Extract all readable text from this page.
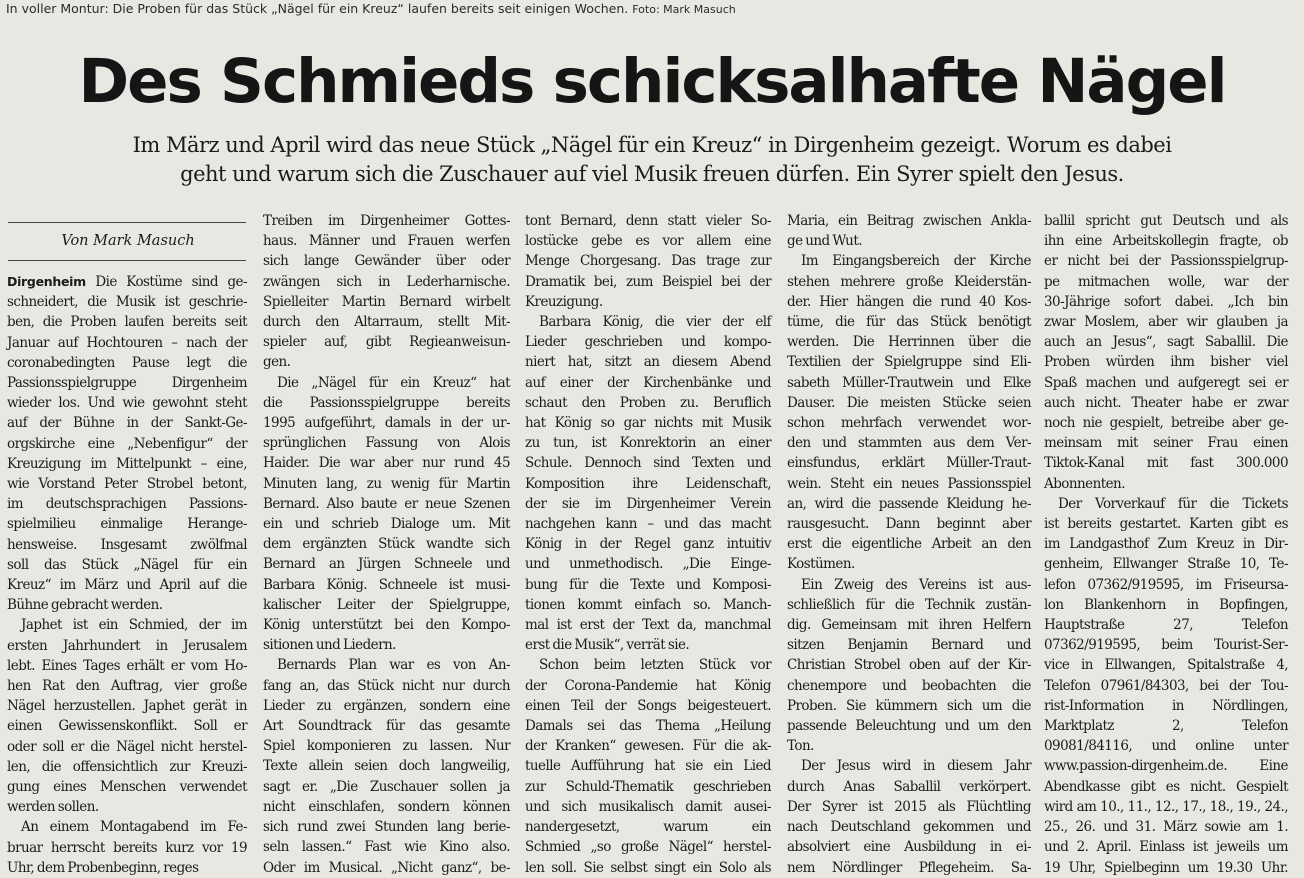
In voller Montur: Die Proben für das Stück „Nägel für ein Kreuz“ laufen bereits seit einigen Wochen. Foto: Mark Masuch
Des Schmieds schicksalhafte Nägel
Im März und April wird das neue Stück „Nägel für ein Kreuz“ in Dirgenheim gezeigt. Worum es dabei
geht und warum sich die Zuschauer auf viel Musik freuen dürfen. Ein Syrer spielt den Jesus.
Von Mark Masuch
Dirgenheim Die Kostüme sind ge-
schneidert, die Musik ist geschrie-
ben, die Proben laufen bereits seit
Januar auf Hochtouren – nach der
coronabedingten Pause legt die
Passionsspielgruppe Dirgenheim
wieder los. Und wie gewohnt steht
auf der Bühne in der Sankt-Ge-
orgskirche eine „Nebenfigur“ der
Kreuzigung im Mittelpunkt – eine,
wie Vorstand Peter Strobel betont,
im deutschsprachigen Passions-
spielmilieu einmalige Herange-
hensweise. Insgesamt zwölfmal
soll das Stück „Nägel für ein
Kreuz“ im März und April auf die
Bühne gebracht werden.
Japhet ist ein Schmied, der im
ersten Jahrhundert in Jerusalem
lebt. Eines Tages erhält er vom Ho-
hen Rat den Auftrag, vier große
Nägel herzustellen. Japhet gerät in
einen Gewissenskonflikt. Soll er
oder soll er die Nägel nicht herstel-
len, die offensichtlich zur Kreuzi-
gung eines Menschen verwendet
werden sollen.
An einem Montagabend im Fe-
bruar herrscht bereits kurz vor 19
Uhr, dem Probenbeginn, reges
Treiben im Dirgenheimer Gottes-
haus. Männer und Frauen werfen
sich lange Gewänder über oder
zwängen sich in Lederharnische.
Spielleiter Martin Bernard wirbelt
durch den Altarraum, stellt Mit-
spieler auf, gibt Regieanweisun-
gen.
Die „Nägel für ein Kreuz“ hat
die Passionsspielgruppe bereits
1995 aufgeführt, damals in der ur-
sprünglichen Fassung von Alois
Haider. Die war aber nur rund 45
Minuten lang, zu wenig für Martin
Bernard. Also baute er neue Szenen
ein und schrieb Dialoge um. Mit
dem ergänzten Stück wandte sich
Bernard an Jürgen Schneele und
Barbara König. Schneele ist musi-
kalischer Leiter der Spielgruppe,
König unterstützt bei den Kompo-
sitionen und Liedern.
Bernards Plan war es von An-
fang an, das Stück nicht nur durch
Lieder zu ergänzen, sondern eine
Art Soundtrack für das gesamte
Spiel komponieren zu lassen. Nur
Texte allein seien doch langweilig,
sagt er. „Die Zuschauer sollen ja
nicht einschlafen, sondern können
sich rund zwei Stunden lang berie-
seln lassen.“ Fast wie Kino also.
Oder im Musical. „Nicht ganz“, be-
tont Bernard, denn statt vieler So-
lostücke gebe es vor allem eine
Menge Chorgesang. Das trage zur
Dramatik bei, zum Beispiel bei der
Kreuzigung.
Barbara König, die vier der elf
Lieder geschrieben und kompo-
niert hat, sitzt an diesem Abend
auf einer der Kirchenbänke und
schaut den Proben zu. Beruflich
hat König so gar nichts mit Musik
zu tun, ist Konrektorin an einer
Schule. Dennoch sind Texten und
Komposition ihre Leidenschaft,
der sie im Dirgenheimer Verein
nachgehen kann – und das macht
König in der Regel ganz intuitiv
und unmethodisch. „Die Einge-
bung für die Texte und Komposi-
tionen kommt einfach so. Manch-
mal ist erst der Text da, manchmal
erst die Musik“, verrät sie.
Schon beim letzten Stück vor
der Corona-Pandemie hat König
einen Teil der Songs beigesteuert.
Damals sei das Thema „Heilung
der Kranken“ gewesen. Für die ak-
tuelle Aufführung hat sie ein Lied
zur Schuld-Thematik geschrieben
und sich musikalisch damit ausei-
nandergesetzt, warum ein
Schmied „so große Nägel“ herstel-
len soll. Sie selbst singt ein Solo als
Maria, ein Beitrag zwischen Ankla-
ge und Wut.
Im Eingangsbereich der Kirche
stehen mehrere große Kleiderstän-
der. Hier hängen die rund 40 Kos-
tüme, die für das Stück benötigt
werden. Die Herrinnen über die
Textilien der Spielgruppe sind Eli-
sabeth Müller-Trautwein und Elke
Dauser. Die meisten Stücke seien
schon mehrfach verwendet wor-
den und stammten aus dem Ver-
einsfundus, erklärt Müller-Traut-
wein. Steht ein neues Passionsspiel
an, wird die passende Kleidung he-
rausgesucht. Dann beginnt aber
erst die eigentliche Arbeit an den
Kostümen.
Ein Zweig des Vereins ist aus-
schließlich für die Technik zustän-
dig. Gemeinsam mit ihren Helfern
sitzen Benjamin Bernard und
Christian Strobel oben auf der Kir-
chenempore und beobachten die
Proben. Sie kümmern sich um die
passende Beleuchtung und um den
Ton.
Der Jesus wird in diesem Jahr
durch Anas Saballil verkörpert.
Der Syrer ist 2015 als Flüchtling
nach Deutschland gekommen und
absolviert eine Ausbildung in ei-
nem Nördlinger Pflegeheim. Sa-
ballil spricht gut Deutsch und als
ihn eine Arbeitskollegin fragte, ob
er nicht bei der Passionsspielgrup-
pe mitmachen wolle, war der
30-Jährige sofort dabei. „Ich bin
zwar Moslem, aber wir glauben ja
auch an Jesus“, sagt Saballil. Die
Proben würden ihm bisher viel
Spaß machen und aufgeregt sei er
auch nicht. Theater habe er zwar
noch nie gespielt, betreibe aber ge-
meinsam mit seiner Frau einen
Tiktok-Kanal mit fast 300.000
Abonnenten.
Der Vorverkauf für die Tickets
ist bereits gestartet. Karten gibt es
im Landgasthof Zum Kreuz in Dir-
genheim, Ellwanger Straße 10, Te-
lefon 07362/919595, im Friseursa-
lon Blankenhorn in Bopfingen,
Hauptstraße 27, Telefon
07362/919595, beim Tourist-Ser-
vice in Ellwangen, Spitalstraße 4,
Telefon 07961/84303, bei der Tou-
rist-Information in Nördlingen,
Marktplatz 2, Telefon
09081/84116, und online unter
www.passion-dirgenheim.de. Eine
Abendkasse gibt es nicht. Gespielt
wird am 10., 11., 12., 17., 18., 19., 24.,
25., 26. und 31. März sowie am 1.
und 2. April. Einlass ist jeweils um
19 Uhr, Spielbeginn um 19.30 Uhr.
